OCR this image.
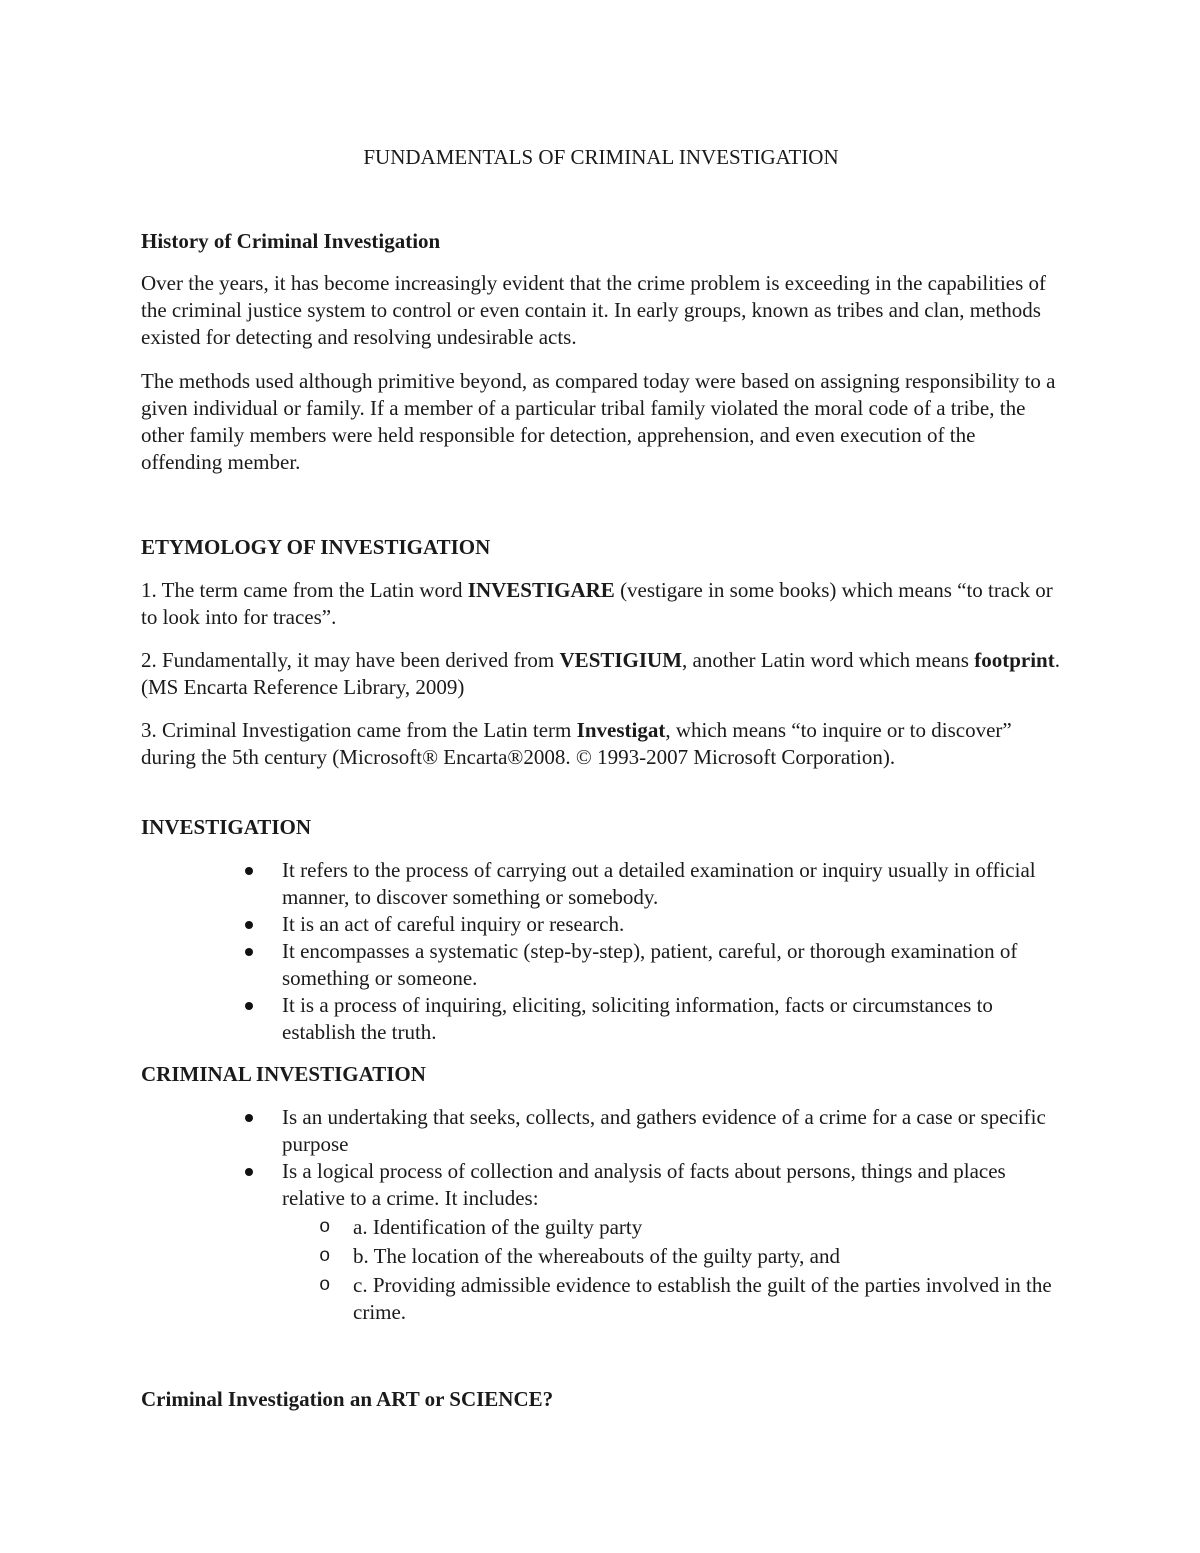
FUNDAMENTALS OF CRIMINAL INVESTIGATION
History of Criminal Investigation

Over the years, it has become increasingly evident that the crime problem is exceeding in the capabilities of the criminal justice system to control or even contain it. In early groups, known as tribes and clan, methods existed for detecting and resolving undesirable acts.

The methods used although primitive beyond, as compared today were based on assigning responsibility to a given individual or family. If a member of a particular tribal family violated the moral code of a tribe, the other family members were held responsible for detection, apprehension, and even execution of the offending member.

ETYMOLOGY OF INVESTIGATION

1. The term came from the Latin word INVESTIGARE (vestigare in some books) which means “to track or to look into for traces”.

2. Fundamentally, it may have been derived from VESTIGIUM, another Latin word which means footprint. (MS Encarta Reference Library, 2009)

3. Criminal Investigation came from the Latin term Investigat, which means “to inquire or to discover” during the 5th century (Microsoft® Encarta®2008. © 1993-2007 Microsoft Corporation).

INVESTIGATION
It refers to the process of carrying out a detailed examination or inquiry usually in official manner, to discover something or somebody.
It is an act of careful inquiry or research.
It encompasses a systematic (step-by-step), patient, careful, or thorough examination of something or someone.
It is a process of inquiring, eliciting, soliciting information, facts or circumstances to establish the truth.
CRIMINAL INVESTIGATION
Is an undertaking that seeks, collects, and gathers evidence of a crime for a case or specific purpose
Is a logical process of collection and analysis of facts about persons, things and places relative to a crime. It includes:
o a. Identification of the guilty party
o b. The location of the whereabouts of the guilty party, and
o c. Providing admissible evidence to establish the guilt of the parties involved in the crime.
Criminal Investigation an ART or SCIENCE?
